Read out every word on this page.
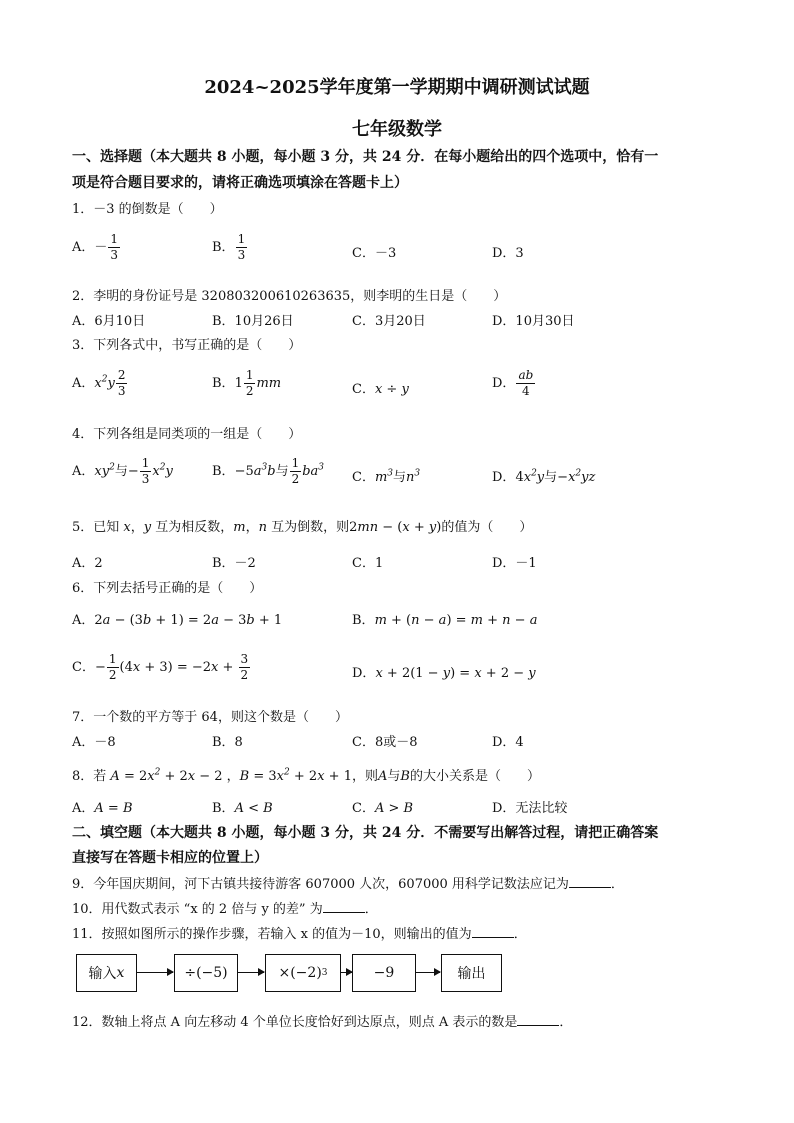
2024~2025学年度第一学期期中调研测试试题
七年级数学
一、选择题（本大题共 8 小题，每小题 3 分，共 24 分．在每小题给出的四个选项中，恰有一
项是符合题目要求的，请将正确选项填涂在答题卡上）
1．－3 的倒数是（　　）
A．－ $\frac{1}{3}$	B． $\frac{1}{3}$	C．－3	D．3
2．李明的身份证号是 320803200610263635，则李明的生日是（　　）
A．6月10日	B．10月26日	C．3月20日	D．10月30日
3．下列各式中，书写正确的是（　　）
A．$x^2y \frac{2}{3}$	B．$1 \frac{1}{2}$ mm	C．x ÷ y	D． $\frac{ab}{4}$
4．下列各组是同类项的一组是（　　）
A．$xy^2$与− $\frac{1}{3} x^2y$	B．$-5a^3b$与 $\frac{1}{2} ba^3$
C．$m^3$与$n^3$	D．$4x^2y$与$-x^2yz$
5．已知 x，y 互为相反数，m，n 互为倒数，则2mn − (x + y)的值为（　　）
A．2	B．－2	C．1	D．－1
6．下列去括号正确的是（　　）
A．2a − (3b + 1) = 2a − 3b + 1	B．m + (n − a) = m + n − a
C．− $\frac{1}{2} (4x + 3) = -2x + \frac{3}{2}$	D．x + 2(1 − y) = x + 2 − y
7．一个数的平方等于 64，则这个数是（　　）
A．－8	B．8	C．8或－8	D．4
8．若 $A = 2x^2 + 2x - 2$ ，$B = 3x^2 + 2x + 1$，则A与B的大小关系是（　　）
A．A = B	B．A < B	C．A > B	D．无法比较
二、填空题（本大题共 8 小题，每小题 3 分，共 24 分．不需要写出解答过程，请把正确答案
直接写在答题卡相应的位置上）
9．今年国庆期间，河下古镇共接待游客 607000 人次，607000 用科学记数法应记为	．
10．用代数式表示 “x 的 2 倍与 y 的差” 为	．
11．按照如图所示的操作步骤，若输入 x 的值为－10，则输出的值为	．
输入 x	÷(−5)	×(−2) 3	−9	输出
12．数轴上将点 A 向左移动 4 个单位长度恰好到达原点，则点 A 表示的数是	．
